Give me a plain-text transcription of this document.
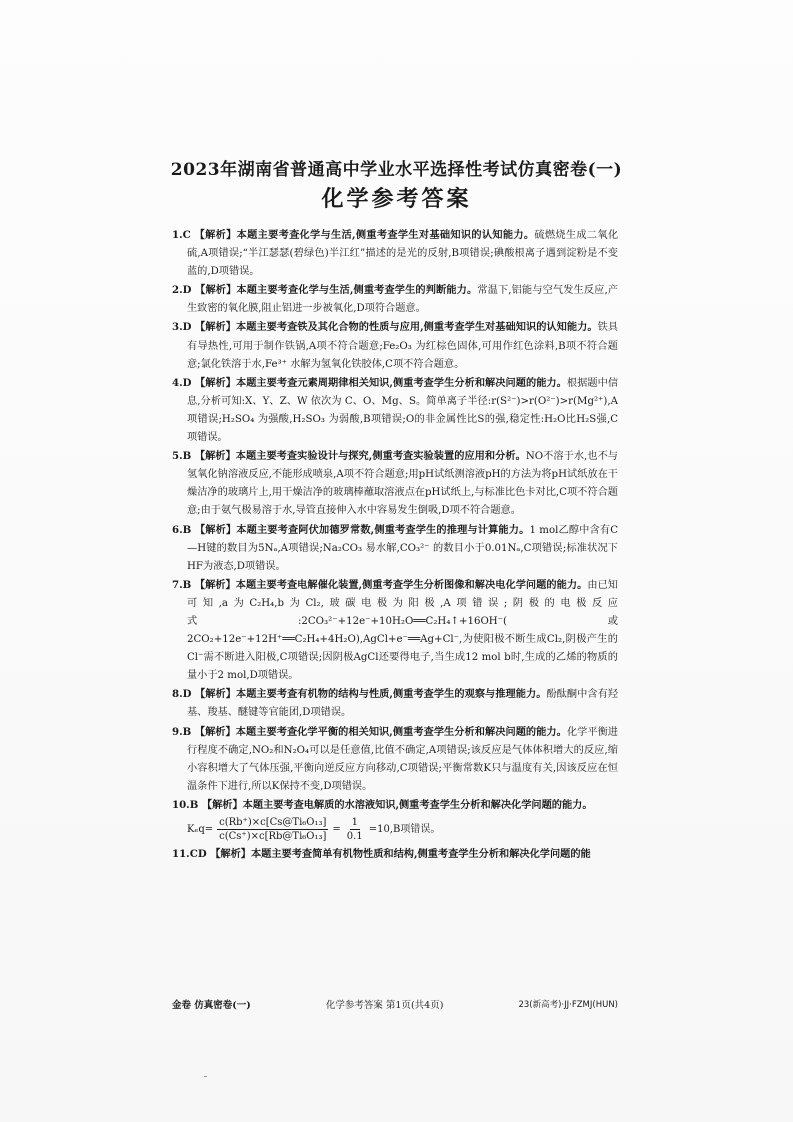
2023年湖南省普通高中学业水平选择性考试仿真密卷(一)
化学参考答案
1.C 【解析】本题主要考查化学与生活,侧重考查学生对基础知识的认知能力。硫燃烧生成二氧化硫,A项错误;“半江瑟瑟(碧绿色)半江红”描述的是光的反射,B项错误;碘酸根离子遇到淀粉是不变蓝的,D项错误。
2.D 【解析】本题主要考查化学与生活,侧重考查学生的判断能力。常温下,铝能与空气发生反应,产生致密的氧化膜,阻止铝进一步被氧化,D项符合题意。
3.D 【解析】本题主要考查铁及其化合物的性质与应用,侧重考查学生对基础知识的认知能力。铁具有导热性,可用于制作铁锅,A项不符合题意;Fe₂O₃ 为红棕色固体,可用作红色涂料,B项不符合题意;氯化铁溶于水,Fe³⁺ 水解为氢氧化铁胶体,C项不符合题意。
4.D 【解析】本题主要考查元素周期律相关知识,侧重考查学生分析和解决问题的能力。根据题中信息,分析可知:X、Y、Z、W 依次为 C、O、Mg、S。简单离子半径:r(S²⁻)>r(O²⁻)>r(Mg²⁺),A项错误;H₂SO₄ 为强酸,H₂SO₃ 为弱酸,B项错误;O的非金属性比S的强,稳定性:H₂O比H₂S强,C项错误。
5.B 【解析】本题主要考查实验设计与探究,侧重考查实验装置的应用和分析。NO不溶于水,也不与氢氧化钠溶液反应,不能形成喷泉,A项不符合题意;用pH试纸测溶液pH的方法为将pH试纸放在干燥洁净的玻璃片上,用干燥洁净的玻璃棒蘸取溶液点在pH试纸上,与标准比色卡对比,C项不符合题意;由于氨气极易溶于水,导管直接伸入水中容易发生倒吸,D项不符合题意。
6.B 【解析】本题主要考查阿伏加德罗常数,侧重考查学生的推理与计算能力。1 mol乙醇中含有C—H键的数目为5Nₐ,A项错误;Na₂CO₃ 易水解,CO₃²⁻ 的数目小于0.01Nₐ,C项错误;标准状况下HF为液态,D项错误。
7.B 【解析】本题主要考查电解催化装置,侧重考查学生分析图像和解决电化学问题的能力。由已知可知,a为C₂H₄,b为Cl₂,玻碳电极为阳极,A项错误;阴极的电极反应式:2CO₃²⁻+12e⁻+10H₂O══C₂H₄↑+16OH⁻(或2CO₂+12e⁻+12H⁺══C₂H₄+4H₂O),AgCl+e⁻══Ag+Cl⁻,为使阳极不断生成Cl₂,阴极产生的Cl⁻需不断进入阳极,C项错误;因阴极AgCl还要得电子,当生成12 mol b时,生成的乙烯的物质的量小于2 mol,D项错误。
8.D 【解析】本题主要考查有机物的结构与性质,侧重考查学生的观察与推理能力。酚酞酮中含有羟基、羧基、醚键等官能团,D项错误。
9.B 【解析】本题主要考查化学平衡的相关知识,侧重考查学生分析和解决问题的能力。化学平衡进行程度不确定,NO₂和N₂O₄可以是任意值,比值不确定,A项错误;该反应是气体体积增大的反应,缩小容积增大了气体压强,平衡向逆反应方向移动,C项错误;平衡常数K只与温度有关,因该反应在恒温条件下进行,所以K保持不变,D项错误。
10.B 【解析】本题主要考查电解质的水溶液知识,侧重考查学生分析和解决化学问题的能力。
$K_eq= \frac{\text{c(Rb⁺)×c[Cs@Ti₆O₁₃]}}{\text{c(Cs⁺)×c[Rb@Ti₆O₁₃]}} = \frac{1}{0.1} =10,B$项错误。
11.CD 【解析】本题主要考查简单有机物性质和结构,侧重考查学生分析和解决化学问题的能
金卷 仿真密卷(一)	化学参考答案 第1页(共4页)	23(新高考)·JJ·FZMJ(HUN)
